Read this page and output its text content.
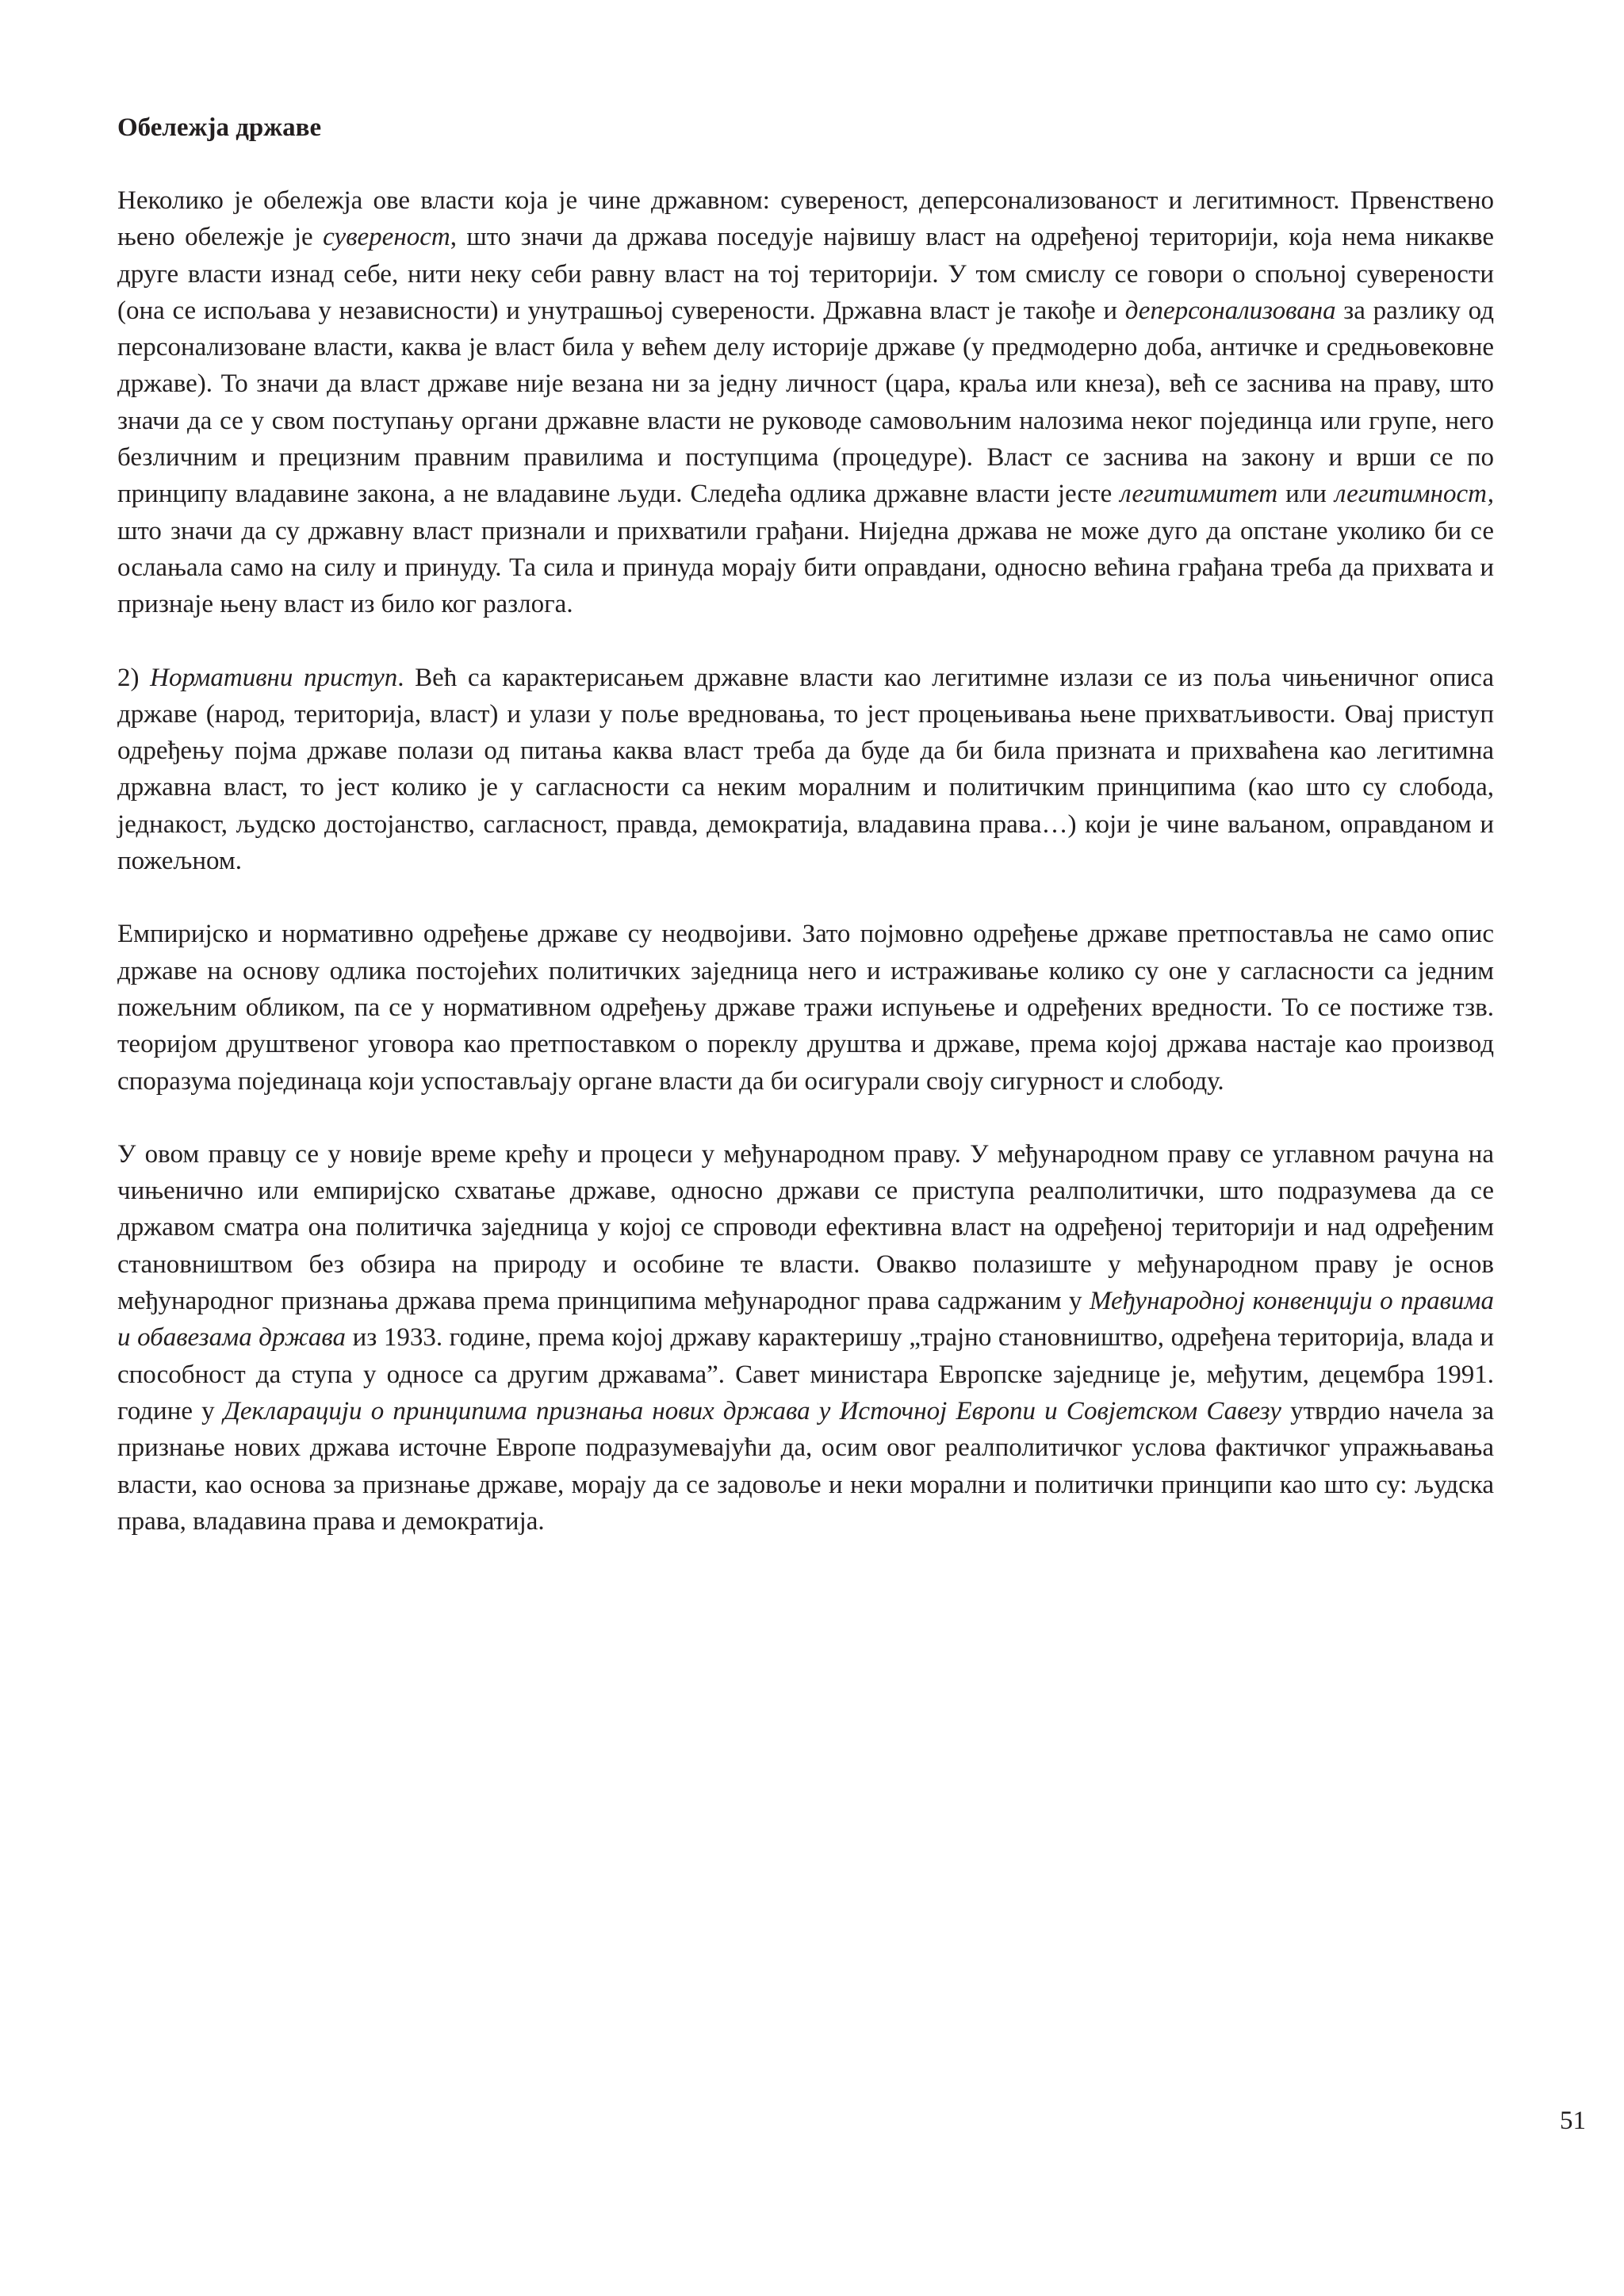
Обележја државе

Неколико је обележја ове власти која је чине државном: сувереност, деперсонализованост и легитимност. Првенствено њено обележје је сувереност, што значи да држава поседује највишу власт на одређеној територији, која нема никакве друге власти изнад себе, нити неку себи равну власт на тој територији. У том смислу се говори о спољној суверености (она се испољава у независности) и унутрашњој суверености. Државна власт је такође и деперсонализована за разлику од персонализоване власти, каква је власт била у већем делу историје државе (у предмодерно доба, античке и средњовековне државе). То значи да власт државе није везана ни за једну личност (цара, краља или кнеза), већ се заснива на праву, што значи да се у свом поступању органи државне власти не руководе самовољним налозима неког појединца или групе, него безличним и прецизним правним правилима и поступцима (процедуре). Власт се заснива на закону и врши се по принципу владавине закона, а не владавине људи. Следећа одлика државне власти јесте легитимитет или легитимност, што значи да су државну власт признали и прихватили грађани. Ниједна држава не може дуго да опстане уколико би се ослањала само на силу и принуду. Та сила и принуда морају бити оправдани, односно већина грађана треба да прихвата и признаје њену власт из било ког разлога.

2) Нормативни приступ. Већ са карактерисањем државне власти као легитимне излази се из поља чињеничног описа државе (народ, територија, власт) и улази у поље вредновања, то јест процењивања њене прихватљивости. Овај приступ одређењу појма државе полази од питања каква власт треба да буде да би била призната и прихваћена као легитимна државна власт, то јест колико је у сагласности са неким моралним и политичким принципима (као што су слобода, једнакост, људско достојанство, сагласност, правда, демократија, владавина права…) који је чине ваљаном, оправданом и пожељном.

Емпиријско и нормативно одређење државе су неодвојиви. Зато појмовно одређење државе претпоставља не само опис државе на основу одлика постојећих политичких заједница него и истраживање колико су оне у сагласности са једним пожељним обликом, па се у нормативном одређењу државе тражи испуњење и одређених вредности. То се постиже тзв. теоријом друштвеног уговора као претпоставком о пореклу друштва и државе, према којој држава настаје као производ споразума појединаца који успостављају органе власти да би осигурали своју сигурност и слободу.

У овом правцу се у новије време крећу и процеси у међународном праву. У међународном праву се углавном рачуна на чињенично или емпиријско схватање државе, односно држави се приступа реалполитички, што подразумева да се државом сматра она политичка заједница у којој се спроводи ефективна власт на одређеној територији и над одређеним становништвом без обзира на природу и особине те власти. Овакво полазиште у међународном праву је основ међународног признања држава према принципима међународног права садржаним у Међународној конвенцији о правима и обавезама држава из 1933. године, према којој државу карактеришу „трајно становништво, одређена територија, влада и способност да ступа у односе са другим државама”. Савет министара Европске заједнице је, међутим, децембра 1991. године у Декларацији о принципима признања нових држава у Источној Европи и Совјетском Савезу утврдио начела за признање нових држава источне Европе подразумевајући да, осим овог реалполитичког услова фактичког упражњавања власти, као основа за признање државе, морају да се задовоље и неки морални и политички принципи као што су: људска права, владавина права и демократија.

51
